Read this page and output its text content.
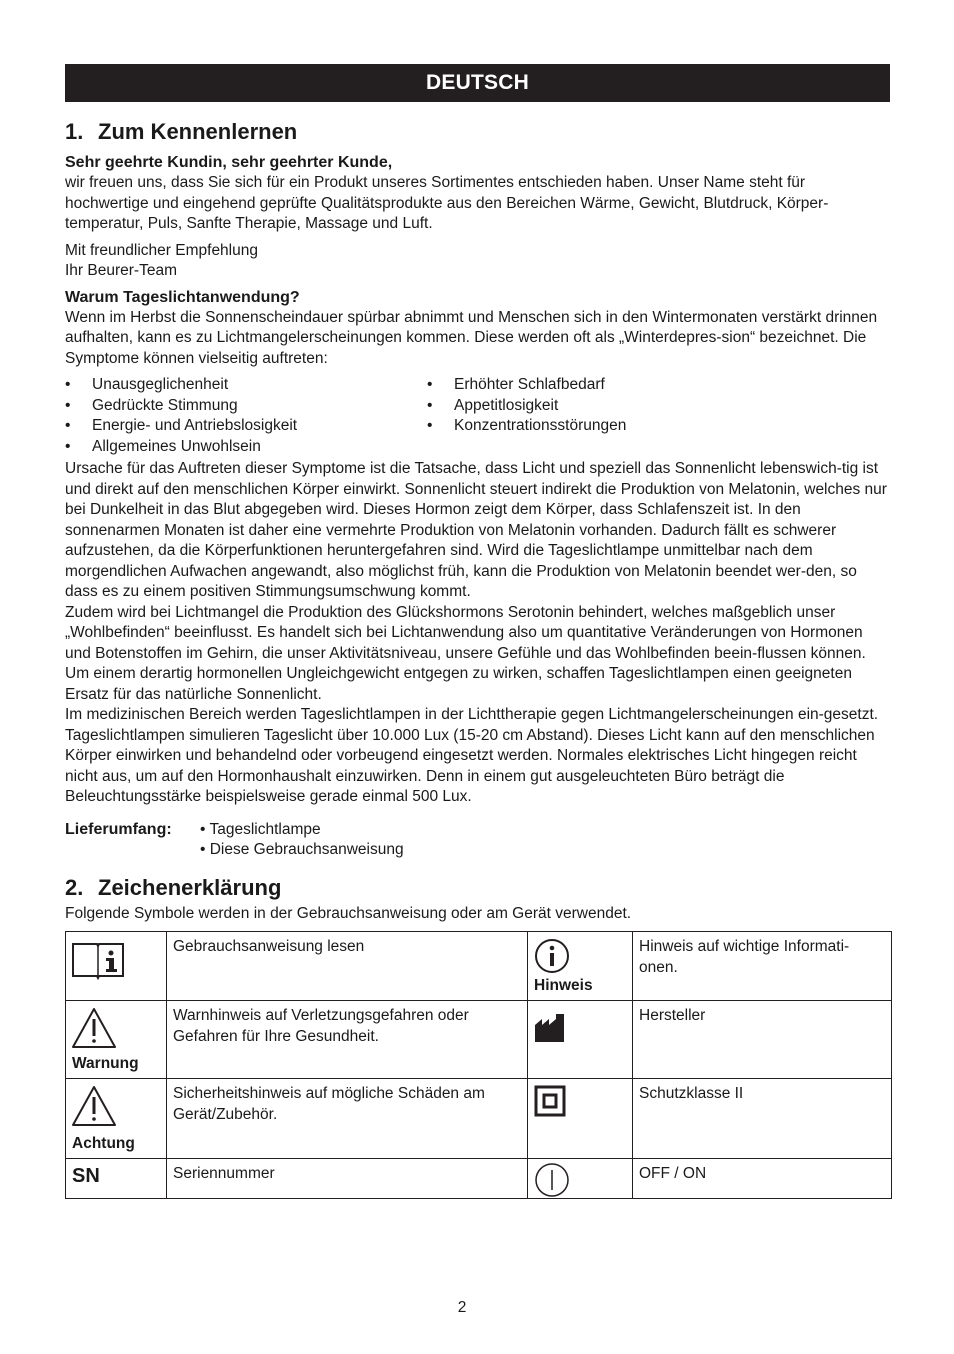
DEUTSCH
1. Zum Kennenlernen
Sehr geehrte Kundin, sehr geehrter Kunde,

wir freuen uns, dass Sie sich für ein Produkt unseres Sortimentes entschieden haben. Unser Name steht für hochwertige und eingehend geprüfte Qualitätsprodukte aus den Bereichen Wärme, Gewicht, Blutdruck, Körper-temperatur, Puls, Sanfte Therapie, Massage und Luft.

Mit freundlicher Empfehlung

Ihr Beurer-Team

Warum Tageslichtanwendung?

Wenn im Herbst die Sonnenscheindauer spürbar abnimmt und Menschen sich in den Wintermonaten verstärkt drinnen aufhalten, kann es zu Lichtmangelerscheinungen kommen. Diese werden oft als „Winterdepres-sion“ bezeichnet. Die Symptome können vielseitig auftreten:

• Unausgeglichenheit
• Gedrückte Stimmung
• Energie- und Antriebslosigkeit
• Allgemeines Unwohlsein
• Erhöhter Schlafbedarf
• Appetitlosigkeit
• Konzentrationsstörungen

Ursache für das Auftreten dieser Symptome ist die Tatsache, dass Licht und speziell das Sonnenlicht lebenswich-tig ist und direkt auf den menschlichen Körper einwirkt. Sonnenlicht steuert indirekt die Produktion von Melatonin, welches nur bei Dunkelheit in das Blut abgegeben wird. Dieses Hormon zeigt dem Körper, dass Schlafenszeit ist. In den sonnenarmen Monaten ist daher eine vermehrte Produktion von Melatonin vorhanden. Dadurch fällt es schwerer aufzustehen, da die Körperfunktionen heruntergefahren sind. Wird die Tageslichtlampe unmittelbar nach dem morgendlichen Aufwachen angewandt, also möglichst früh, kann die Produktion von Melatonin beendet wer-den, so dass es zu einem positiven Stimmungsumschwung kommt.

Zudem wird bei Lichtmangel die Produktion des Glückshormons Serotonin behindert, welches maßgeblich unser „Wohlbefinden“ beeinflusst. Es handelt sich bei Lichtanwendung also um quantitative Veränderungen von Hormonen und Botenstoffen im Gehirn, die unser Aktivitätsniveau, unsere Gefühle und das Wohlbefinden beein-flussen können. Um einem derartig hormonellen Ungleichgewicht entgegen zu wirken, schaffen Tageslichtlampen einen geeigneten Ersatz für das natürliche Sonnenlicht.

Im medizinischen Bereich werden Tageslichtlampen in der Lichttherapie gegen Lichtmangelerscheinungen ein-gesetzt. Tageslichtlampen simulieren Tageslicht über 10.000 Lux (15-20 cm Abstand). Dieses Licht kann auf den menschlichen Körper einwirken und behandelnd oder vorbeugend eingesetzt werden. Normales elektrisches Licht hingegen reicht nicht aus, um auf den Hormonhaushalt einzuwirken. Denn in einem gut ausgeleuchteten Büro beträgt die Beleuchtungsstärke beispielsweise gerade einmal 500 Lux.

Lieferumfang:	• Tageslichtlampe
• Diese Gebrauchsanweisung
2. Zeichenerklärung

Folgende Symbole werden in der Gebrauchsanweisung oder am Gerät verwendet.

	Gebrauchsanweisung lesen	Hinweis	Hinweis auf wichtige Informati-onen.

Warnung	Warnhinweis auf Verletzungsgefahren oder Gefahren für Ihre Gesundheit.		Hersteller

Achtung	Sicherheitshinweis auf mögliche Schäden am Gerät/Zubehör.		Schutzklasse II
SN	Seriennummer		OFF / ON
2
